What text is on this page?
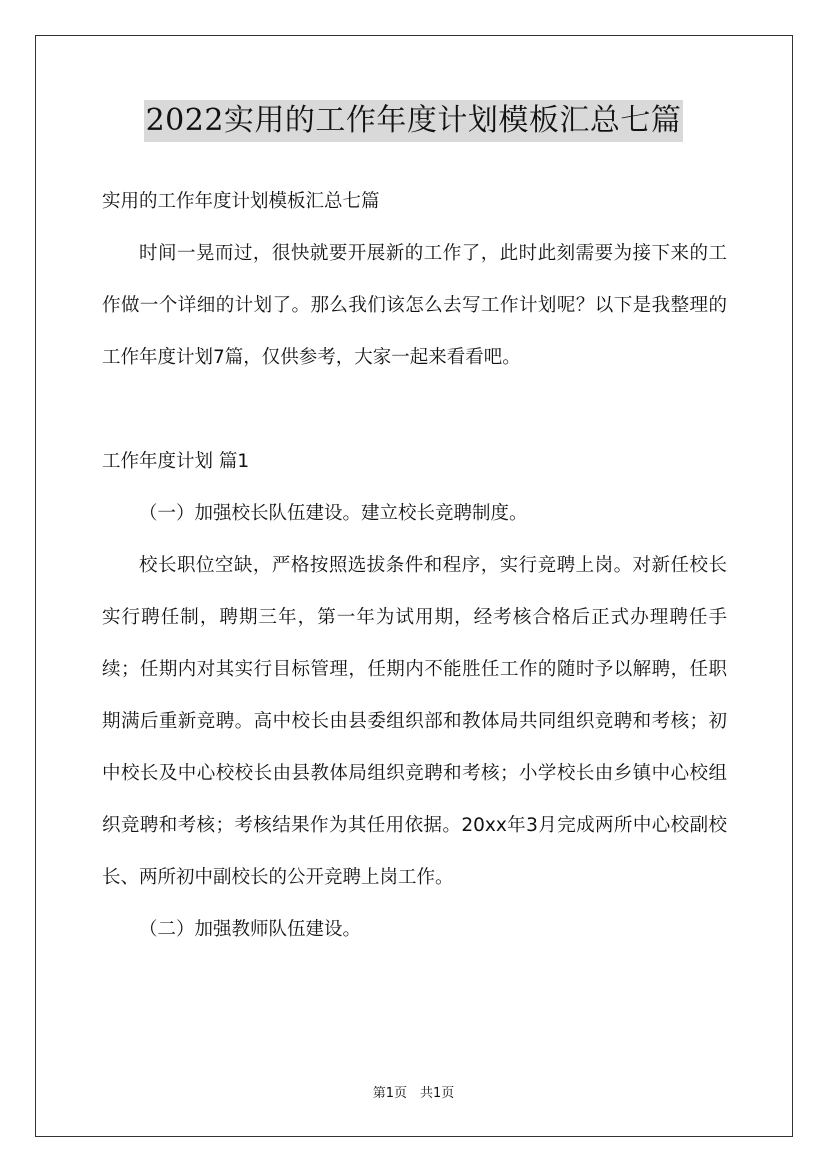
2022实用的工作年度计划模板汇总七篇

实用的工作年度计划模板汇总七篇

时间一晃而过，很快就要开展新的工作了，此时此刻需要为接下来的工作做一个详细的计划了。那么我们该怎么去写工作计划呢？以下是我整理的工作年度计划7篇，仅供参考，大家一起来看看吧。

工作年度计划 篇1

（一）加强校长队伍建设。建立校长竞聘制度。

校长职位空缺，严格按照选拔条件和程序，实行竞聘上岗。对新任校长实行聘任制，聘期三年，第一年为试用期，经考核合格后正式办理聘任手续；任期内对其实行目标管理，任期内不能胜任工作的随时予以解聘，任职期满后重新竞聘。高中校长由县委组织部和教体局共同组织竞聘和考核；初中校长及中心校校长由县教体局组织竞聘和考核；小学校长由乡镇中心校组织竞聘和考核；考核结果作为其任用依据。20xx年3月完成两所中心校副校长、两所初中副校长的公开竞聘上岗工作。

（二）加强教师队伍建设。

第1页　共1页
